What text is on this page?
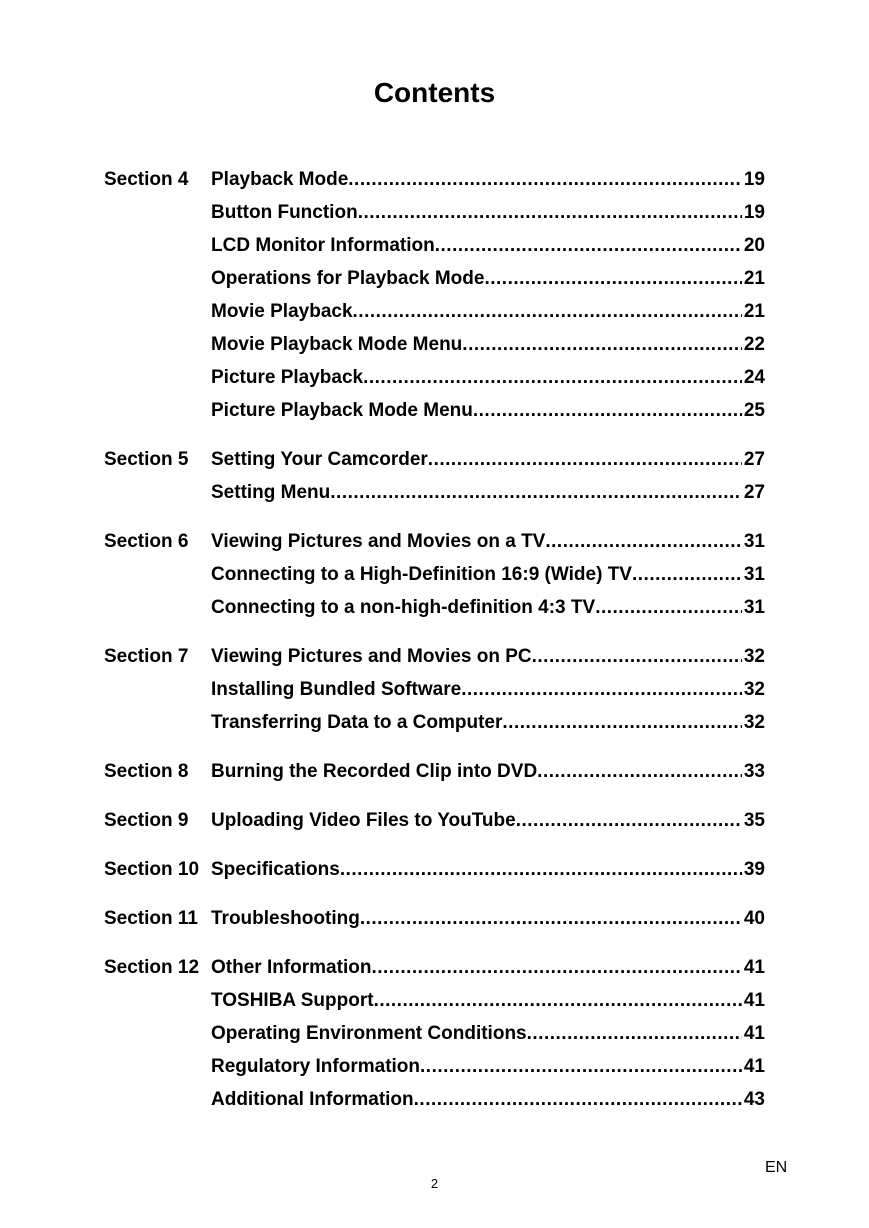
Contents
Section 4	Playback Mode .....	19
Button Function .....	19
LCD Monitor Information .....	20
Operations for Playback Mode .....	21
Movie Playback .....	21
Movie Playback Mode Menu .....	22
Picture Playback .....	24
Picture Playback Mode Menu .....	25
Section 5	Setting Your Camcorder .....	27
Setting Menu .....	27
Section 6	Viewing Pictures and Movies on a TV .....	31
Connecting to a High-Definition 16:9 (Wide) TV .....	31
Connecting to a non-high-definition 4:3 TV .....	31
Section 7	Viewing Pictures and Movies on PC .....	32
Installing Bundled Software .....	32
Transferring Data to a Computer .....	32
Section 8	Burning the Recorded Clip into DVD .....	33
Section 9	Uploading Video Files to YouTube .....	35
Section 10 Specifications .....	39
Section 11 Troubleshooting .....	40
Section 12 Other Information .....	41
TOSHIBA Support .....	41
Operating Environment Conditions .....	41
Regulatory Information .....	41
Additional Information .....	43
EN
2
